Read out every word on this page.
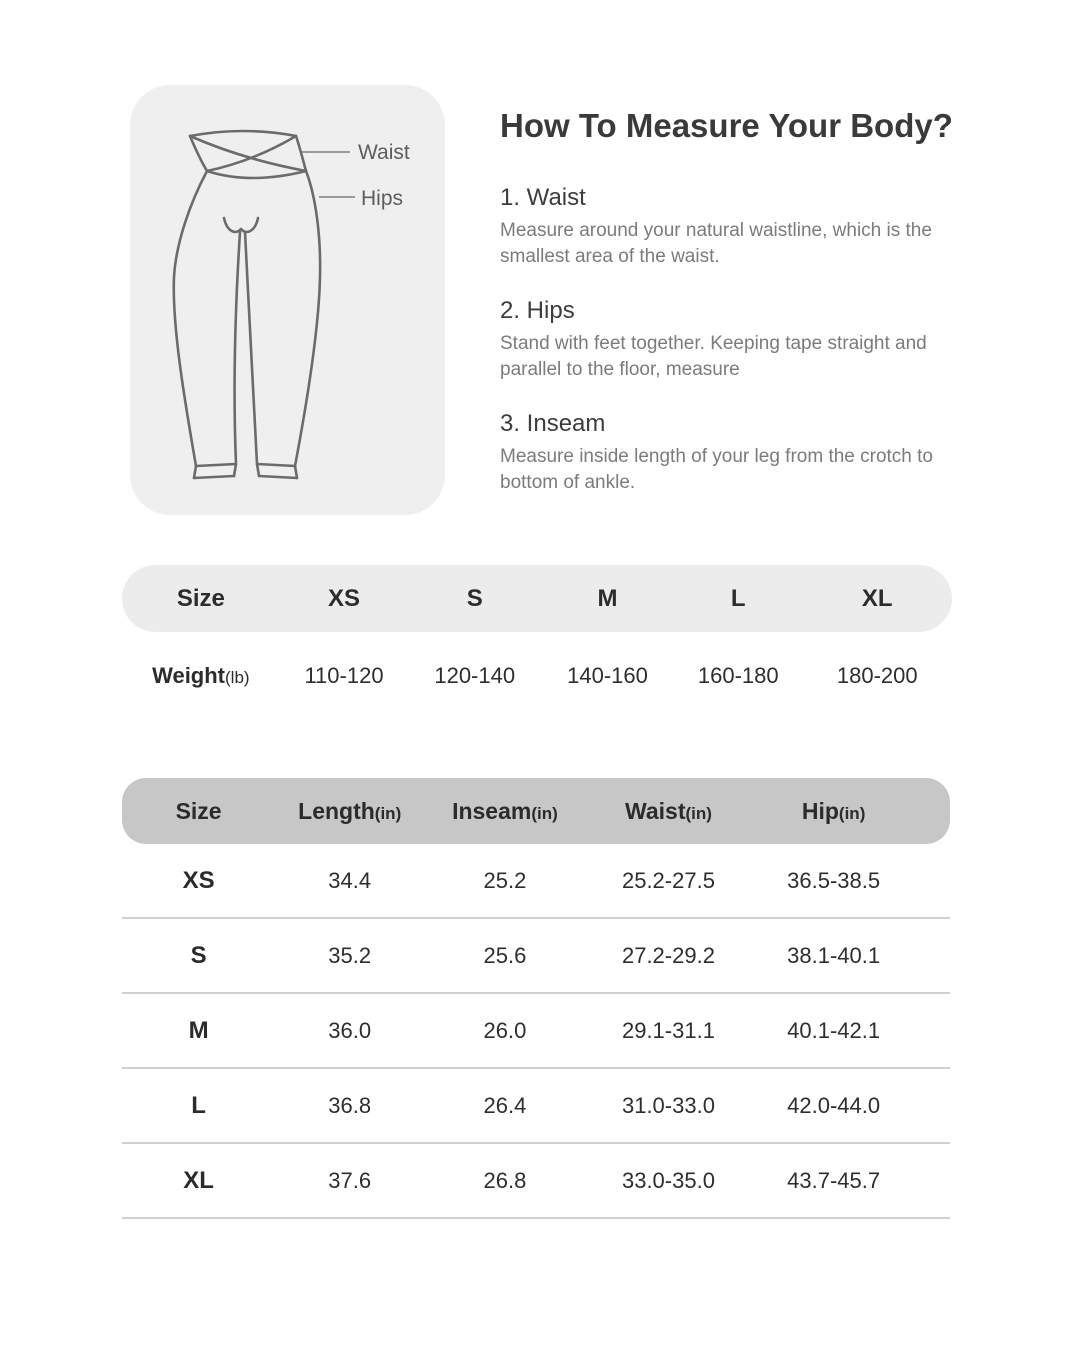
Waist
Hips
How To Measure Your Body?
1. Waist

Measure around your natural waistline, which is the smallest area of the waist.

2. Hips

Stand with feet together. Keeping tape straight and parallel to the floor, measure

3. Inseam

Measure inside length of your leg from the crotch to bottom of ankle.

Size	XS	S	M	L	XL
Weight(lb)	110-120	120-140	140-160	160-180	180-200
Size	Length(in)	Inseam(in)	Waist(in)	Hip(in)
XS	34.4	25.2	25.2-27.5	36.5-38.5
S	35.2	25.6	27.2-29.2	38.1-40.1
M	36.0	26.0	29.1-31.1	40.1-42.1
L	36.8	26.4	31.0-33.0	42.0-44.0
XL	37.6	26.8	33.0-35.0	43.7-45.7
